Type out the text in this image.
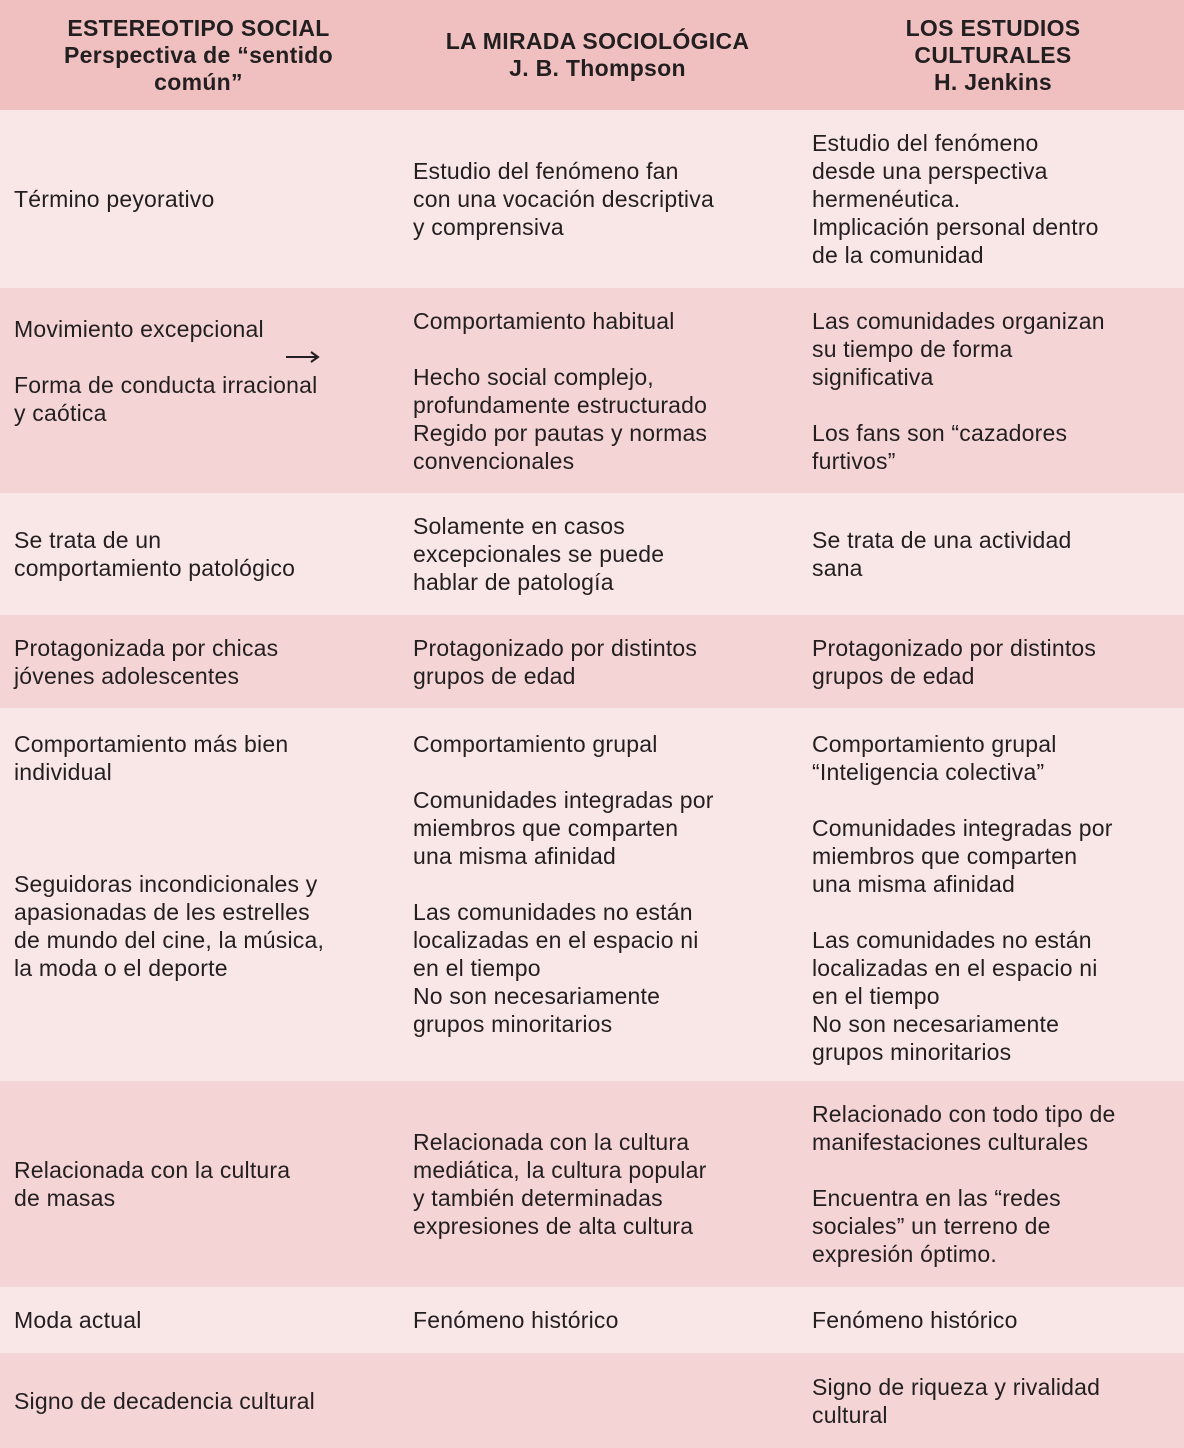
ESTEREOTIPO SOCIAL
Perspectiva de “sentido
común”
LA MIRADA SOCIOLÓGICA
J. B. Thompson
LOS ESTUDIOS
CULTURALES
H. Jenkins
Término peyorativo
Estudio del fenómeno fan
con una vocación descriptiva
y comprensiva
Estudio del fenómeno
desde una perspectiva
hermenéutica.
Implicación personal dentro
de la comunidad
Movimiento excepcional

Forma de conducta irracional
y caótica
Comportamiento habitual
Hecho social complejo,
profundamente estructurado
Regido por pautas y normas
convencionales
Las comunidades organizan
su tiempo de forma
significativa
Los fans son “cazadores
furtivos”
Se trata de un
comportamiento patológico
Solamente en casos
excepcionales se puede
hablar de patología
Se trata de una actividad
sana
Protagonizada por chicas
jóvenes adolescentes
Protagonizado por distintos
grupos de edad
Protagonizado por distintos
grupos de edad
Comportamiento más bien
individual
Seguidoras incondicionales y
apasionadas de les estrelles
de mundo del cine, la música,
la moda o el deporte
Comportamiento grupal
Comunidades integradas por
miembros que comparten
una misma afinidad
Las comunidades no están
localizadas en el espacio ni
en el tiempo
No son necesariamente
grupos minoritarios
Comportamiento grupal
“Inteligencia colectiva”
Comunidades integradas por
miembros que comparten
una misma afinidad
Las comunidades no están
localizadas en el espacio ni
en el tiempo
No son necesariamente
grupos minoritarios
Relacionada con la cultura
de masas
Relacionada con la cultura
mediática, la cultura popular
y también determinadas
expresiones de alta cultura
Relacionado con todo tipo de
manifestaciones culturales
Encuentra en las “redes
sociales” un terreno de
expresión óptimo.
Moda actual	Fenómeno histórico	Fenómeno histórico
Signo de decadencia cultural
Signo de riqueza y rivalidad
cultural
